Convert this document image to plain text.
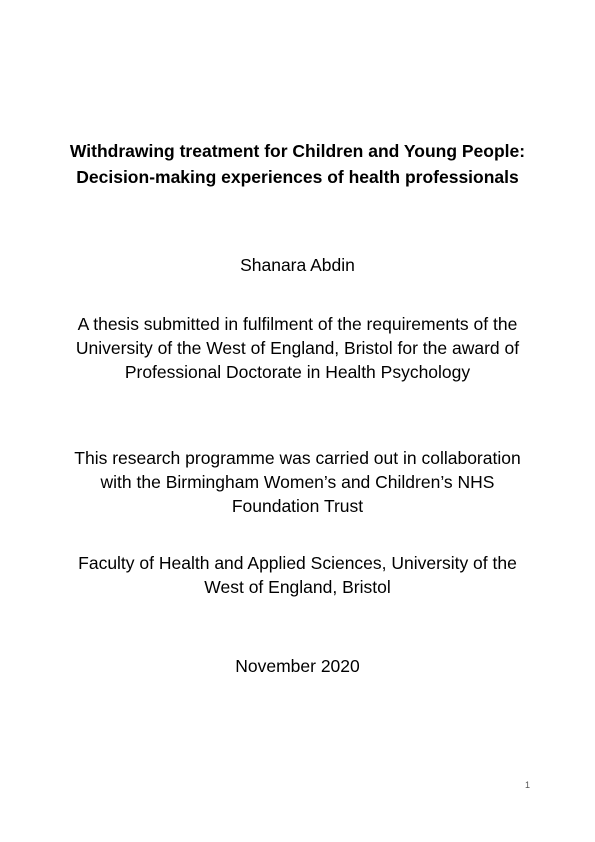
Withdrawing treatment for Children and Young People: Decision-making experiences of health professionals

Shanara Abdin

A thesis submitted in fulfilment of the requirements of the University of the West of England, Bristol for the award of Professional Doctorate in Health Psychology

This research programme was carried out in collaboration with the Birmingham Women’s and Children’s NHS Foundation Trust

Faculty of Health and Applied Sciences, University of the West of England, Bristol

November 2020

1
